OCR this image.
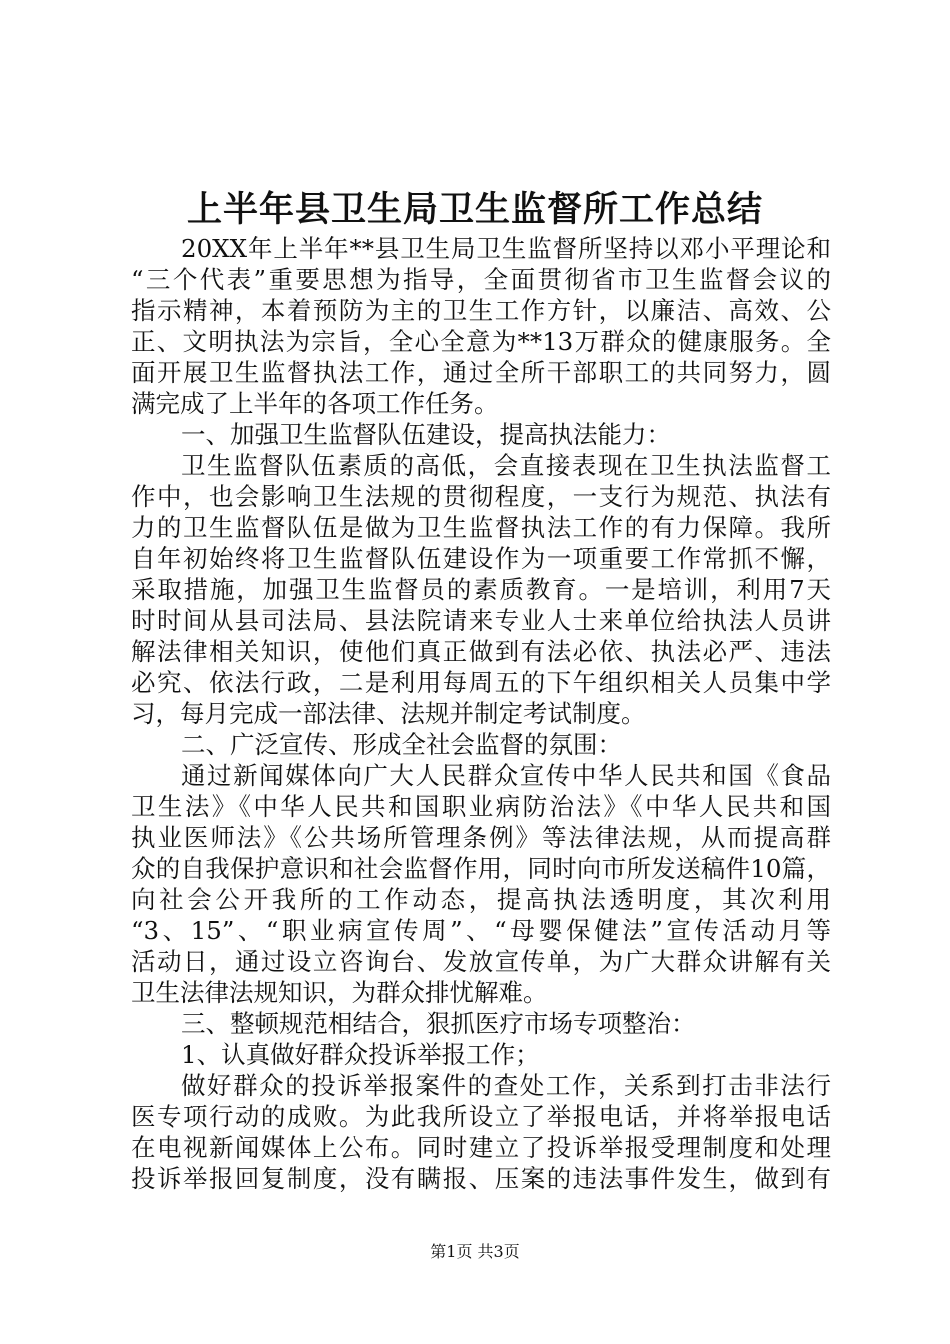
上半年县卫生局卫生监督所工作总结
20XX年上半年**县卫生局卫生监督所坚持以邓小平理论和
“三个代表”重要思想为指导，全面贯彻省市卫生监督会议的
指示精神，本着预防为主的卫生工作方针，以廉洁、高效、公
正、文明执法为宗旨，全心全意为**13万群众的健康服务。全
面开展卫生监督执法工作，通过全所干部职工的共同努力，圆
满完成了上半年的各项工作任务。
一、加强卫生监督队伍建设，提高执法能力：
卫生监督队伍素质的高低，会直接表现在卫生执法监督工
作中，也会影响卫生法规的贯彻程度，一支行为规范、执法有
力的卫生监督队伍是做为卫生监督执法工作的有力保障。我所
自年初始终将卫生监督队伍建设作为一项重要工作常抓不懈，
采取措施，加强卫生监督员的素质教育。一是培训，利用7天
时时间从县司法局、县法院请来专业人士来单位给执法人员讲
解法律相关知识，使他们真正做到有法必依、执法必严、违法
必究、依法行政，二是利用每周五的下午组织相关人员集中学
习，每月完成一部法律、法规并制定考试制度。
二、广泛宣传、形成全社会监督的氛围：
通过新闻媒体向广大人民群众宣传中华人民共和国《食品
卫生法》《中华人民共和国职业病防治法》《中华人民共和国
执业医师法》《公共场所管理条例》等法律法规，从而提高群
众的自我保护意识和社会监督作用，同时向市所发送稿件10篇，
向社会公开我所的工作动态，提高执法透明度，其次利用
“3、15”、“职业病宣传周”、“母婴保健法”宣传活动月等
活动日，通过设立咨询台、发放宣传单，为广大群众讲解有关
卫生法律法规知识，为群众排忧解难。
三、整顿规范相结合，狠抓医疗市场专项整治：
1、认真做好群众投诉举报工作；
做好群众的投诉举报案件的查处工作，关系到打击非法行
医专项行动的成败。为此我所设立了举报电话，并将举报电话
在电视新闻媒体上公布。同时建立了投诉举报受理制度和处理
投诉举报回复制度，没有瞒报、压案的违法事件发生，做到有
第1页 共3页
